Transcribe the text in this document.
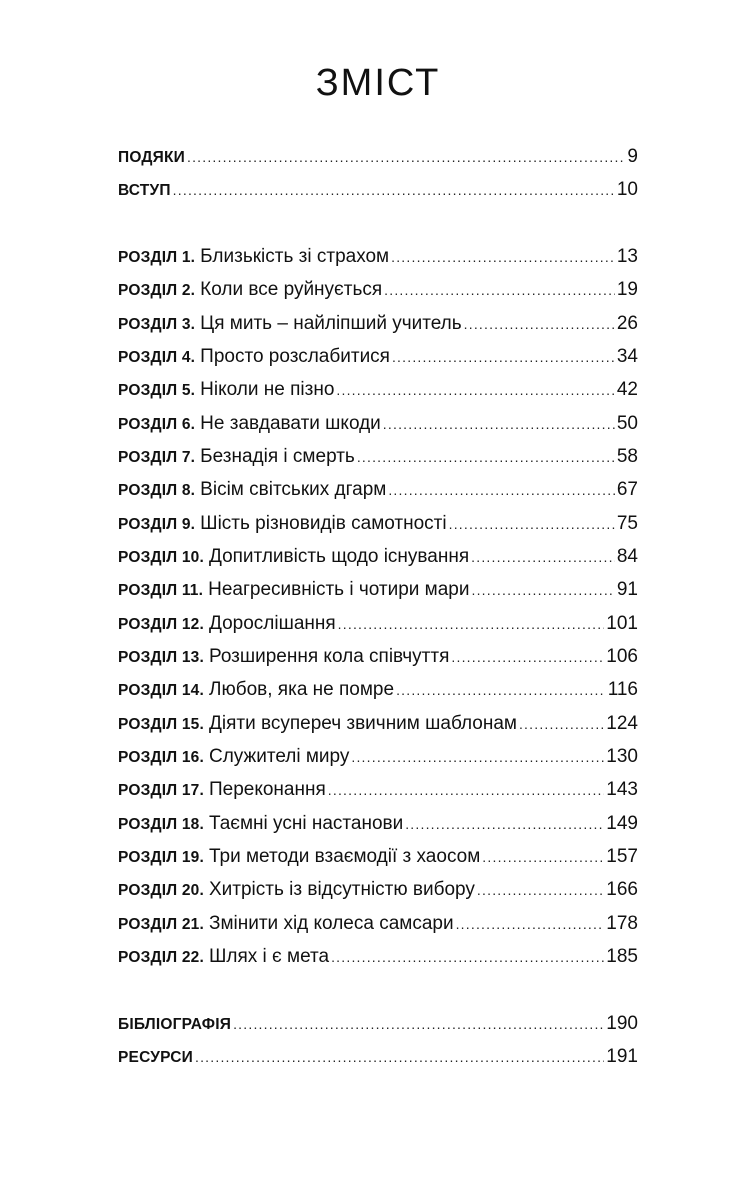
ЗМІСТ
ПОДЯКИ .....	9
ВСТУП .....	10
РОЗДІЛ 1. Близькість зі страхом .....	13
РОЗДІЛ 2. Коли все руйнується .....	19
РОЗДІЛ 3. Ця мить – найліпший учитель .....	26
РОЗДІЛ 4. Просто розслабитися .....	34
РОЗДІЛ 5. Ніколи не пізно .....	42
РОЗДІЛ 6. Не завдавати шкоди .....	50
РОЗДІЛ 7. Безнадія і смерть .....	58
РОЗДІЛ 8. Вісім світських дгарм .....	67
РОЗДІЛ 9. Шість різновидів самотності .....	75
РОЗДІЛ 10. Допитливість щодо існування .....	84
РОЗДІЛ 11. Неагресивність і чотири мари .....	91
РОЗДІЛ 12. Дорослішання .....	101
РОЗДІЛ 13. Розширення кола співчуття .....	106
РОЗДІЛ 14. Любов, яка не помре .....	116
РОЗДІЛ 15. Діяти всупереч звичним шаблонам .....	124
РОЗДІЛ 16. Служителі миру .....	130
РОЗДІЛ 17. Переконання .....	143
РОЗДІЛ 18. Таємні усні настанови .....	149
РОЗДІЛ 19. Три методи взаємодії з хаосом .....	157
РОЗДІЛ 20. Хитрість із відсутністю вибору .....	166
РОЗДІЛ 21. Змінити хід колеса самсари .....	178
РОЗДІЛ 22. Шлях і є мета .....	185
БІБЛІОГРАФІЯ .....	190
РЕСУРСИ .....	191
